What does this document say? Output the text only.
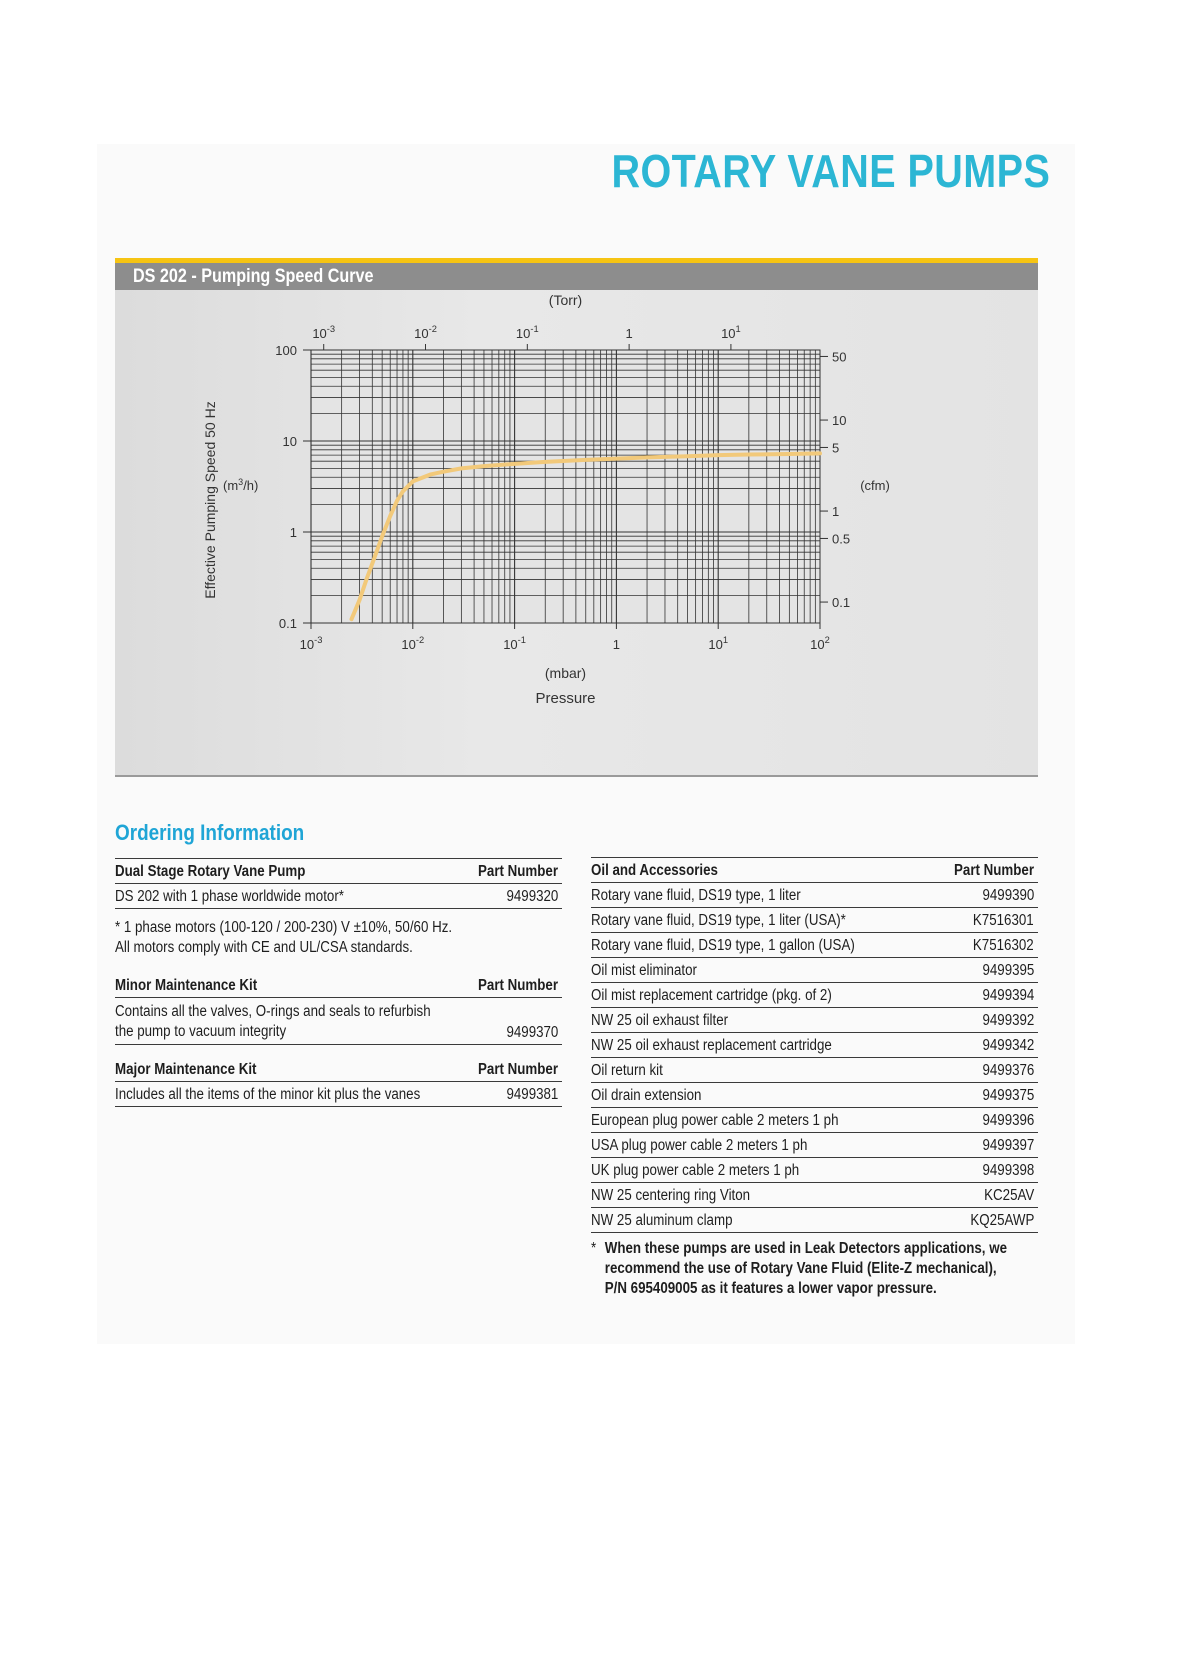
ROTARY VANE PUMPS
DS 202 - Pumping Speed Curve
100
10
1
0.1
50
10
5
1
0.5
0.1
$10^{-3}$	$10^{-2}$	$10^{-1}$	1	$10^1$	$10^2$
$10^{-3}$	$10^{-2}$	$10^{-1}$	1	$10^1$
(Torr)
(mbar)
Pressure
$(m^3/h)$	(cfm)
Effective Pumping Speed 50 Hz
Ordering Information
Dual Stage Rotary Vane Pump	Part Number
DS 202 with 1 phase worldwide motor*	9499320
* 1 phase motors (100-120 / 200-230) V ±10%, 50/60 Hz.
All motors comply with CE and UL/CSA standards.
Minor Maintenance Kit	Part Number
Contains all the valves, O-rings and seals to refurbish the pump to vacuum integrity	9499370
Major Maintenance Kit	Part Number
Includes all the items of the minor kit plus the vanes	9499381
Oil and Accessories	Part Number
Rotary vane fluid, DS19 type, 1 liter	9499390
Rotary vane fluid, DS19 type, 1 liter (USA)*	K7516301
Rotary vane fluid, DS19 type, 1 gallon (USA)	K7516302
Oil mist eliminator	9499395
Oil mist replacement cartridge (pkg. of 2)	9499394
NW 25 oil exhaust filter	9499392
NW 25 oil exhaust replacement cartridge	9499342
Oil return kit	9499376
Oil drain extension	9499375
European plug power cable 2 meters 1 ph	9499396
USA plug power cable 2 meters 1 ph	9499397
UK plug power cable 2 meters 1 ph	9499398
NW 25 centering ring Viton	KC25AV
NW 25 aluminum clamp	KQ25AWP
* When these pumps are used in Leak Detectors applications, we
recommend the use of Rotary Vane Fluid (Elite-Z mechanical),
P/N 695409005 as it features a lower vapor pressure.
